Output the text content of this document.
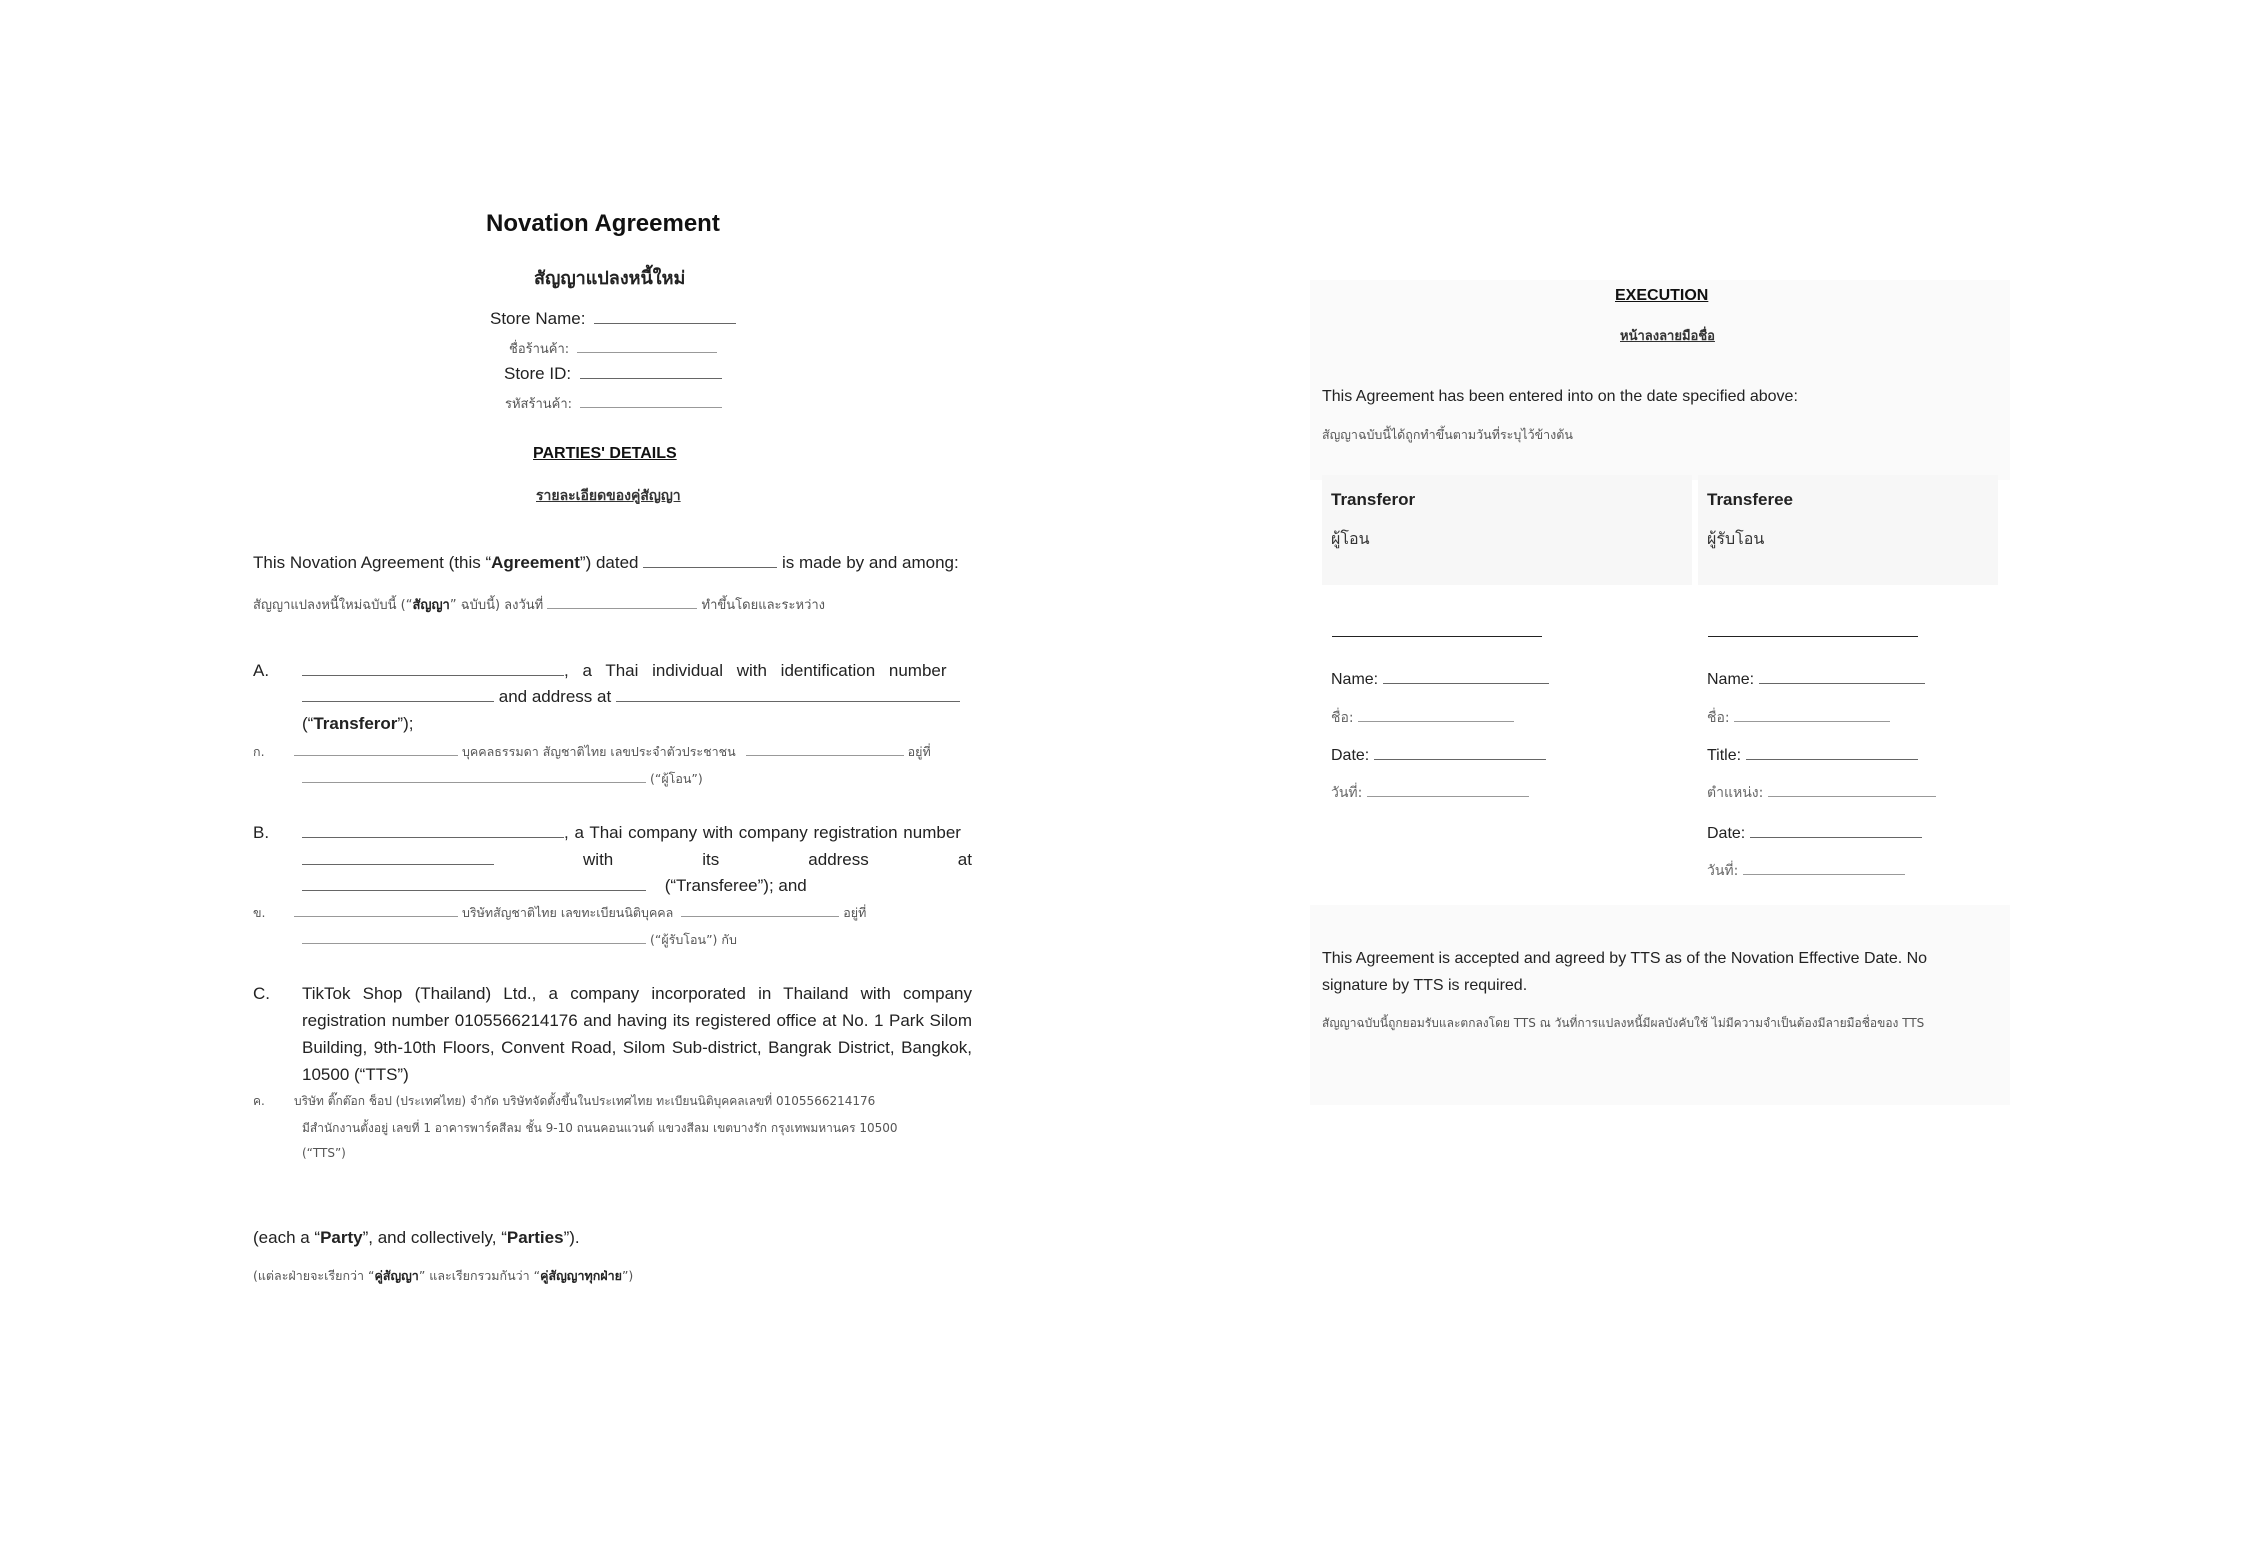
Novation Agreement
สัญญาแปลงหนี้ใหม่
Store Name:
ชื่อร้านค้า:
Store ID:
รหัสร้านค้า:
PARTIES' DETAILS
รายละเอียดของคู่สัญญา
This Novation Agreement (this “Agreement”) dated	is made by and among:
สัญญาแปลงหนี้ใหม่ฉบับนี้ (“สัญญา” ฉบับนี้) ลงวันที่	ทำขึ้นโดยและระหว่าง
A.	, a Thai individual with identification number
and address at
(“Transferor”);
ก.	บุคคลธรรมดา สัญชาติไทย เลขประจำตัวประชาชน	อยู่ที่
(“ผู้โอน”)
B.	, a Thai company with company registration number
with	its	address	at
(“Transferee”); and
ข.	บริษัทสัญชาติไทย เลขทะเบียนนิติบุคคล	อยู่ที่
(“ผู้รับโอน”) กับ
C. TikTok Shop (Thailand) Ltd., a company incorporated in Thailand with company registration number 0105566214176 and having its registered office at No. 1 Park Silom Building, 9th-10th Floors, Convent Road, Silom Sub-district, Bangrak District, Bangkok, 10500 (“TTS”)
ค. บริษัท ติ๊กต๊อก ช็อป (ประเทศไทย) จำกัด บริษัทจัดตั้งขึ้นในประเทศไทย ทะเบียนนิติบุคคลเลขที่ 0105566214176
มีสำนักงานตั้งอยู่ เลขที่ 1 อาคารพาร์คสีลม ชั้น 9-10 ถนนคอนแวนต์ แขวงสีลม เขตบางรัก กรุงเทพมหานคร 10500
(“TTS”)
(each a “Party”, and collectively, “Parties”).
(แต่ละฝ่ายจะเรียกว่า “คู่สัญญา” และเรียกรวมกันว่า “คู่สัญญาทุกฝ่าย”)
EXECUTION
หน้าลงลายมือชื่อ
This Agreement has been entered into on the date specified above:
สัญญาฉบับนี้ได้ถูกทำขึ้นตามวันที่ระบุไว้ข้างต้น
Transferor
ผู้โอน
Name:
ชื่อ:
Date:
วันที่:
Transferee
ผู้รับโอน
Name:
ชื่อ:
Title:
ตำแหน่ง:
Date:
วันที่:
This Agreement is accepted and agreed by TTS as of the Novation Effective Date. No signature by TTS is required.
สัญญาฉบับนี้ถูกยอมรับและตกลงโดย TTS ณ วันที่การแปลงหนี้มีผลบังคับใช้ ไม่มีความจำเป็นต้องมีลายมือชื่อของ TTS
